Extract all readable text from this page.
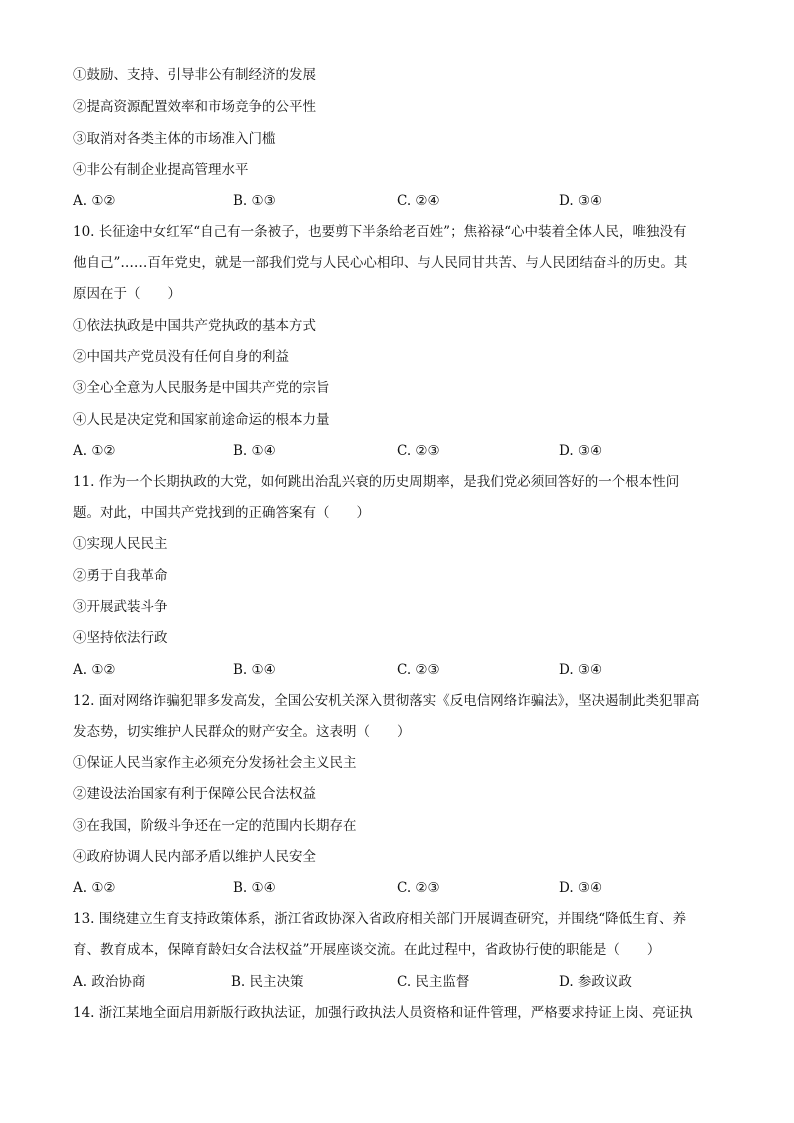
①鼓励、支持、引导非公有制经济的发展
②提高资源配置效率和市场竞争的公平性
③取消对各类主体的市场准入门槛
④非公有制企业提高管理水平
A. ①②	B. ①③	C. ②④	D. ③④
10. 长征途中女红军“自己有一条被子，也要剪下半条给老百姓”；焦裕禄“心中装着全体人民，唯独没有
他自己”……百年党史，就是一部我们党与人民心心相印、与人民同甘共苦、与人民团结奋斗的历史。其
原因在于（　　）
①依法执政是中国共产党执政的基本方式
②中国共产党员没有任何自身的利益
③全心全意为人民服务是中国共产党的宗旨
④人民是决定党和国家前途命运的根本力量
A. ①②	B. ①④	C. ②③	D. ③④
11. 作为一个长期执政的大党，如何跳出治乱兴衰的历史周期率，是我们党必须回答好的一个根本性问
题。对此，中国共产党找到的正确答案有（　　）
①实现人民民主
②勇于自我革命
③开展武装斗争
④坚持依法行政
A. ①②	B. ①④	C. ②③	D. ③④
12. 面对网络诈骗犯罪多发高发，全国公安机关深入贯彻落实《反电信网络诈骗法》，坚决遏制此类犯罪高
发态势，切实维护人民群众的财产安全。这表明（　　）
①保证人民当家作主必须充分发扬社会主义民主
②建设法治国家有利于保障公民合法权益
③在我国，阶级斗争还在一定的范围内长期存在
④政府协调人民内部矛盾以维护人民安全
A. ①②	B. ①④	C. ②③	D. ③④
13. 围绕建立生育支持政策体系，浙江省政协深入省政府相关部门开展调查研究，并围绕“降低生育、养
育、教育成本，保障育龄妇女合法权益”开展座谈交流。在此过程中，省政协行使的职能是（　　）
A. 政治协商	B. 民主决策	C. 民主监督	D. 参政议政
14. 浙江某地全面启用新版行政执法证，加强行政执法人员资格和证件管理，严格要求持证上岗、亮证执
